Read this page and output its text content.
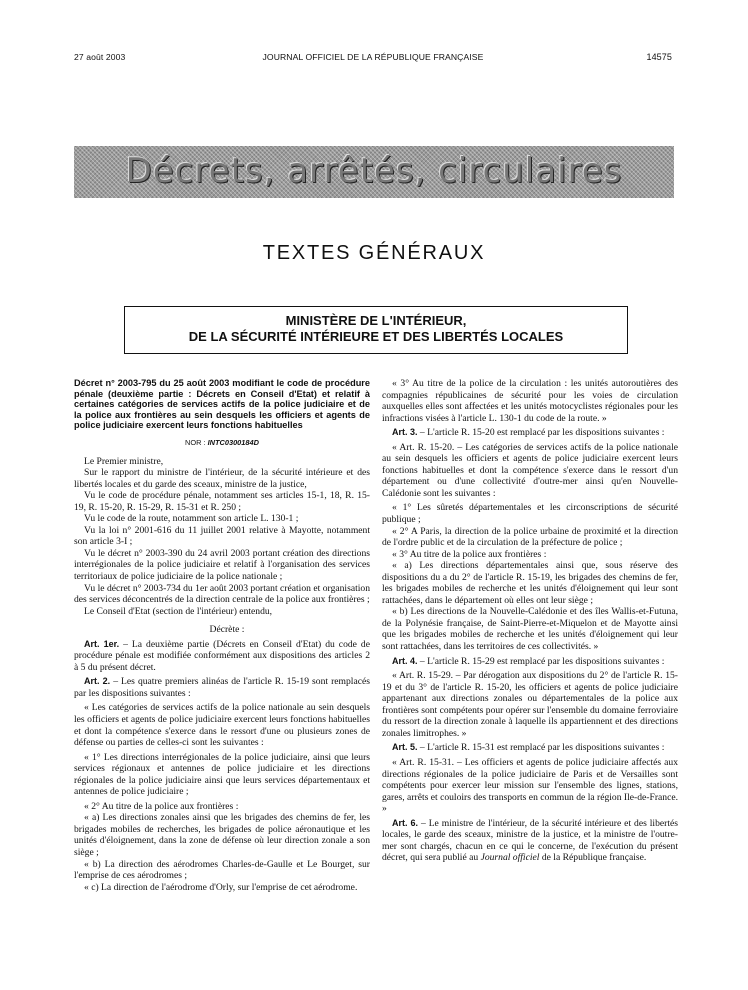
27 août 2003	JOURNAL OFFICIEL DE LA RÉPUBLIQUE FRANÇAISE	14575
Décrets, arrêtés, circulaires
TEXTES GÉNÉRAUX
MINISTÈRE DE L'INTÉRIEUR,
DE LA SÉCURITÉ INTÉRIEURE ET DES LIBERTÉS LOCALES

Décret n° 2003-795 du 25 août 2003 modifiant le code de procédure pénale (deuxième partie : Décrets en Conseil d'Etat) et relatif à certaines catégories de services actifs de la police judiciaire et de la police aux frontières au sein desquels les officiers et agents de police judiciaire exercent leurs fonctions habituelles

NOR : INTC0300184D

Le Premier ministre,

Sur le rapport du ministre de l'intérieur, de la sécurité intérieure et des libertés locales et du garde des sceaux, ministre de la justice,

Vu le code de procédure pénale, notamment ses articles 15-1, 18, R. 15-19, R. 15-20, R. 15-29, R. 15-31 et R. 250 ;

Vu le code de la route, notamment son article L. 130-1 ;

Vu la loi n° 2001-616 du 11 juillet 2001 relative à Mayotte, notamment son article 3-I ;

Vu le décret n° 2003-390 du 24 avril 2003 portant création des directions interrégionales de la police judiciaire et relatif à l'organisation des services territoriaux de police judiciaire de la police nationale ;

Vu le décret n° 2003-734 du 1er août 2003 portant création et organisation des services déconcentrés de la direction centrale de la police aux frontières ;

Le Conseil d'Etat (section de l'intérieur) entendu,

Décrète :

Art. 1er. – La deuxième partie (Décrets en Conseil d'Etat) du code de procédure pénale est modifiée conformément aux dispositions des articles 2 à 5 du présent décret.

Art. 2. – Les quatre premiers alinéas de l'article R. 15-19 sont remplacés par les dispositions suivantes :

« Les catégories de services actifs de la police nationale au sein desquels les officiers et agents de police judiciaire exercent leurs fonctions habituelles et dont la compétence s'exerce dans le ressort d'une ou plusieurs zones de défense ou parties de celles-ci sont les suivantes :

« 1° Les directions interrégionales de la police judiciaire, ainsi que leurs services régionaux et antennes de police judiciaire et les directions régionales de la police judiciaire ainsi que leurs services départementaux et antennes de police judiciaire ;

« 2° Au titre de la police aux frontières :

« a) Les directions zonales ainsi que les brigades des chemins de fer, les brigades mobiles de recherches, les brigades de police aéronautique et les unités d'éloignement, dans la zone de défense où leur direction zonale a son siège ;

« b) La direction des aérodromes Charles-de-Gaulle et Le Bourget, sur l'emprise de ces aérodromes ;

« c) La direction de l'aérodrome d'Orly, sur l'emprise de cet aérodrome.

« 3° Au titre de la police de la circulation : les unités autoroutières des compagnies républicaines de sécurité pour les voies de circulation auxquelles elles sont affectées et les unités motocyclistes régionales pour les infractions visées à l'article L. 130-1 du code de la route. »

Art. 3. – L'article R. 15-20 est remplacé par les dispositions suivantes :

« Art. R. 15-20. – Les catégories de services actifs de la police nationale au sein desquels les officiers et agents de police judiciaire exercent leurs fonctions habituelles et dont la compétence s'exerce dans le ressort d'un département ou d'une collectivité d'outre-mer ainsi qu'en Nouvelle-Calédonie sont les suivantes :

« 1° Les sûretés départementales et les circonscriptions de sécurité publique ;

« 2° A Paris, la direction de la police urbaine de proximité et la direction de l'ordre public et de la circulation de la préfecture de police ;

« 3° Au titre de la police aux frontières :

« a) Les directions départementales ainsi que, sous réserve des dispositions du a du 2° de l'article R. 15-19, les brigades des chemins de fer, les brigades mobiles de recherche et les unités d'éloignement qui leur sont rattachées, dans le département où elles ont leur siège ;

« b) Les directions de la Nouvelle-Calédonie et des îles Wallis-et-Futuna, de la Polynésie française, de Saint-Pierre-et-Miquelon et de Mayotte ainsi que les brigades mobiles de recherche et les unités d'éloignement qui leur sont rattachées, dans les territoires de ces collectivités. »

Art. 4. – L'article R. 15-29 est remplacé par les dispositions suivantes :

« Art. R. 15-29. – Par dérogation aux dispositions du 2° de l'article R. 15-19 et du 3° de l'article R. 15-20, les officiers et agents de police judiciaire appartenant aux directions zonales ou départementales de la police aux frontières sont compétents pour opérer sur l'ensemble du domaine ferroviaire du ressort de la direction zonale à laquelle ils appartiennent et des directions zonales limitrophes. »

Art. 5. – L'article R. 15-31 est remplacé par les dispositions suivantes :

« Art. R. 15-31. – Les officiers et agents de police judiciaire affectés aux directions régionales de la police judiciaire de Paris et de Versailles sont compétents pour exercer leur mission sur l'ensemble des lignes, stations, gares, arrêts et couloirs des transports en commun de la région Ile-de-France. »

Art. 6. – Le ministre de l'intérieur, de la sécurité intérieure et des libertés locales, le garde des sceaux, ministre de la justice, et la ministre de l'outre-mer sont chargés, chacun en ce qui le concerne, de l'exécution du présent décret, qui sera publié au Journal officiel de la République française.
